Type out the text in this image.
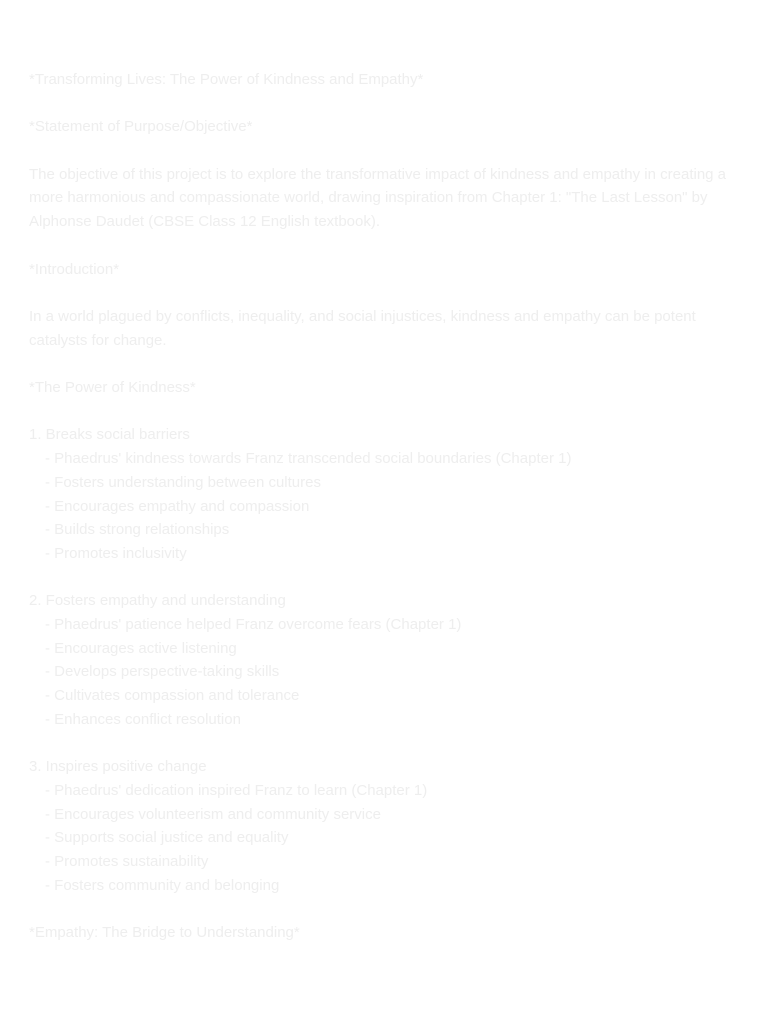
*Transforming Lives: The Power of Kindness and Empathy*

*Statement of Purpose/Objective*

The objective of this project is to explore the transformative impact of kindness and empathy in creating a more harmonious and compassionate world, drawing inspiration from Chapter 1: "The Last Lesson" by Alphonse Daudet (CBSE Class 12 English textbook).

*Introduction*

In a world plagued by conflicts, inequality, and social injustices, kindness and empathy can be potent catalysts for change.

*The Power of Kindness*

1. Breaks social barriers

- Phaedrus' kindness towards Franz transcended social boundaries (Chapter 1)

- Fosters understanding between cultures

- Encourages empathy and compassion

- Builds strong relationships

- Promotes inclusivity

2. Fosters empathy and understanding

- Phaedrus' patience helped Franz overcome fears (Chapter 1)

- Encourages active listening

- Develops perspective-taking skills

- Cultivates compassion and tolerance

- Enhances conflict resolution

3. Inspires positive change

- Phaedrus' dedication inspired Franz to learn (Chapter 1)

- Encourages volunteerism and community service

- Supports social justice and equality

- Promotes sustainability

- Fosters community and belonging

*Empathy: The Bridge to Understanding*
